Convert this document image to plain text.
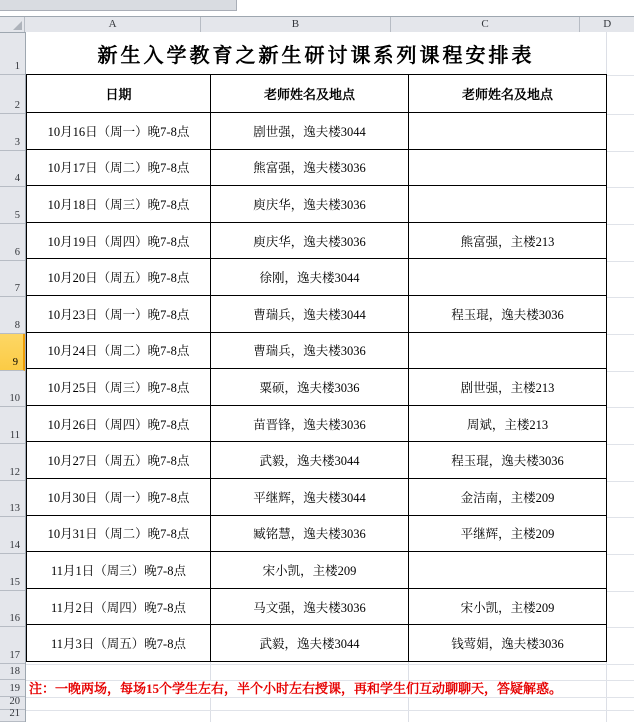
A	B	C	D
1
2
3
4
5
6
7
8
9
10
11
12
13
14
15
16
17
18
19
20
21
新生入学教育之新生研讨课系列课程安排表
日期	老师姓名及地点	老师姓名及地点
10月16日（周一）晚7-8点	剧世强，逸夫楼3044	
10月17日（周二）晚7-8点	熊富强，逸夫楼3036	
10月18日（周三）晚7-8点	庾庆华，逸夫楼3036	
10月19日（周四）晚7-8点	庾庆华，逸夫楼3036	熊富强，主楼213
10月20日（周五）晚7-8点	徐刚，逸夫楼3044	
10月23日（周一）晚7-8点	曹瑞兵，逸夫楼3044	程玉琨，逸夫楼3036
10月24日（周二）晚7-8点	曹瑞兵，逸夫楼3036	
10月25日（周三）晚7-8点	粟硕，逸夫楼3036	剧世强，主楼213
10月26日（周四）晚7-8点	苗晋锋，逸夫楼3036	周斌，主楼213
10月27日（周五）晚7-8点	武毅，逸夫楼3044	程玉琨，逸夫楼3036
10月30日（周一）晚7-8点	平继辉，逸夫楼3044	金洁南，主楼209
10月31日（周二）晚7-8点	臧铭慧，逸夫楼3036	平继辉，主楼209
11月1日（周三）晚7-8点	宋小凯，主楼209	
11月2日（周四）晚7-8点	马文强，逸夫楼3036	宋小凯，主楼209
11月3日（周五）晚7-8点	武毅，逸夫楼3044	钱莺娟，逸夫楼3036
注：一晚两场，每场15个学生左右，半个小时左右授课，再和学生们互动聊聊天，答疑解惑。
